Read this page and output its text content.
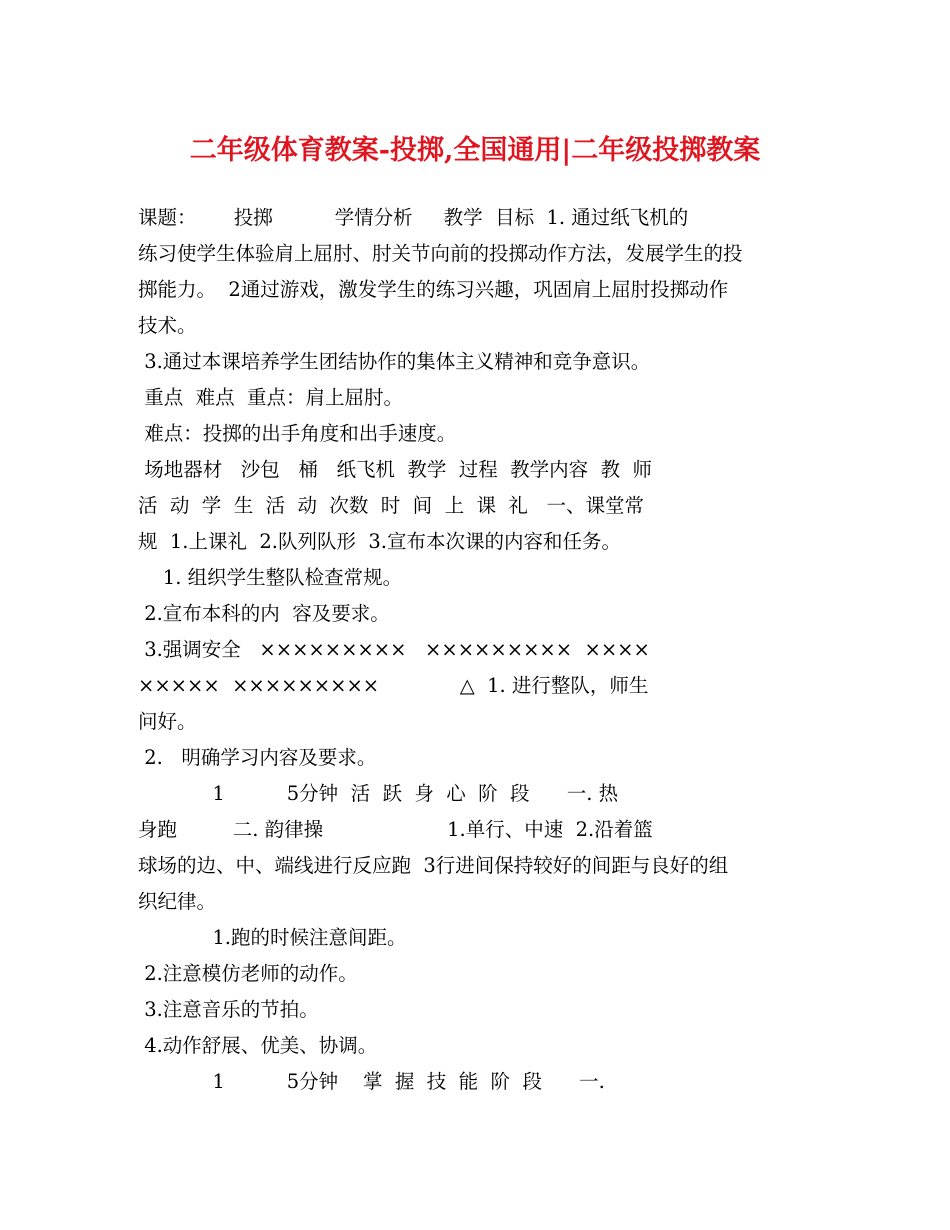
二年级体育教案-投掷,全国通用|二年级投掷教案
课题：      投掷          学情分析     教学  目标  1. 通过纸飞机的
练习使学生体验肩上屈肘、肘关节向前的投掷动作方法，发展学生的投
掷能力。  2通过游戏，激发学生的练习兴趣，巩固肩上屈肘投掷动作
技术。
3.通过本课培养学生团结协作的集体主义精神和竞争意识。
重点  难点  重点：肩上屈肘。
难点：投掷的出手角度和出手速度。
场地器材   沙包   桶   纸飞机  教学  过程  教学内容  教  师
活  动  学  生  活  动  次数  时  间  上  课  礼   一、课堂常
规  1.上课礼  2.队列队形  3.宣布本次课的内容和任务。
1. 组织学生整队检查常规。
2.宣布本科的内  容及要求。
3.强调安全   ×××××××××   ×××××××××  ××××
×××××  ×××××××××             △  1. 进行整队，师生
问好。
2.   明确学习内容及要求。
1          5分钟  活  跃  身  心  阶  段      一. 热
身跑         二. 韵律操                    1.单行、中速  2.沿着篮
球场的边、中、端线进行反应跑  3行进间保持较好的间距与良好的组
织纪律。
1.跑的时候注意间距。
2.注意模仿老师的动作。
3.注意音乐的节拍。
4.动作舒展、优美、协调。
1          5分钟    掌  握  技  能  阶  段      一.
